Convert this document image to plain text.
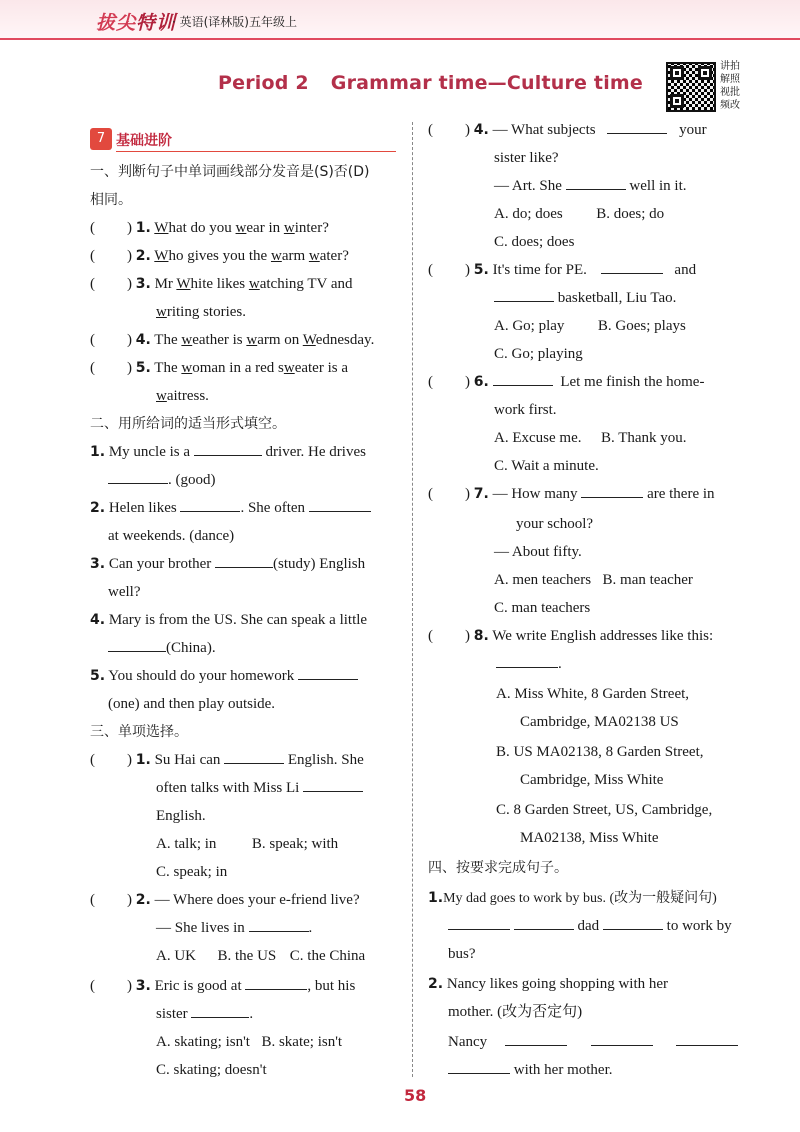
拔尖特训
· 英语(译林版)五年级上
Period 2 Grammar time—Culture time
讲拍解照视批频改
7 基础进阶
一、判断句子中单词画线部分发音是(S)否(D)
相同。
( ) 1. What do you wear in winter?
( ) 2. Who gives you the warm water?
( ) 3. Mr White likes watching TV and
writing stories.
( ) 4. The weather is warm on Wednesday.
( ) 5. The woman in a red sweater is a
waitress.
二、用所给词的适当形式填空。
1. My uncle is a	driver. He drives
. (good)
2. Helen likes	. She often
at weekends. (dance)
3. Can your brother	(study) English
well?
4. Mary is from the US. She can speak a little
(China).
5. You should do your homework
(one) and then play outside.
三、单项选择。
( ) 1. Su Hai can	English. She
often talks with Miss Li
English.
A. talk; in B. speak; with
C. speak; in
( ) 2. — Where does your e-friend live?
— She lives in	.
A. UK B. the US C. the China
( ) 3. Eric is good at	, but his
sister	.
A. skating; isn't B. skate; isn't
C. skating; doesn't
( ) 4. — What subjects	your
sister like?
— Art. She	well in it.
A. do; does B. does; do
C. does; does
( ) 5. It's time for PE.	and
basketball, Liu Tao.
A. Go; play B. Goes; plays
C. Go; playing
( ) 6.	Let me finish the home-
work first.
A. Excuse me. B. Thank you.
C. Wait a minute.
( ) 7. — How many	are there in
your school?
— About fifty.
A. men teachers B. man teacher
C. man teachers
( ) 8. We write English addresses like this:
.
A. Miss White, 8 Garden Street,
Cambridge, MA02138 US
B. US MA02138, 8 Garden Street,
Cambridge, Miss White
C. 8 Garden Street, US, Cambridge,
MA02138, Miss White
四、按要求完成句子。
1.My dad goes to work by bus. (改为一般疑问句)
dad	to work by
bus?
2. Nancy likes going shopping with her
mother. (改为否定句)
Nancy
with her mother.
58
